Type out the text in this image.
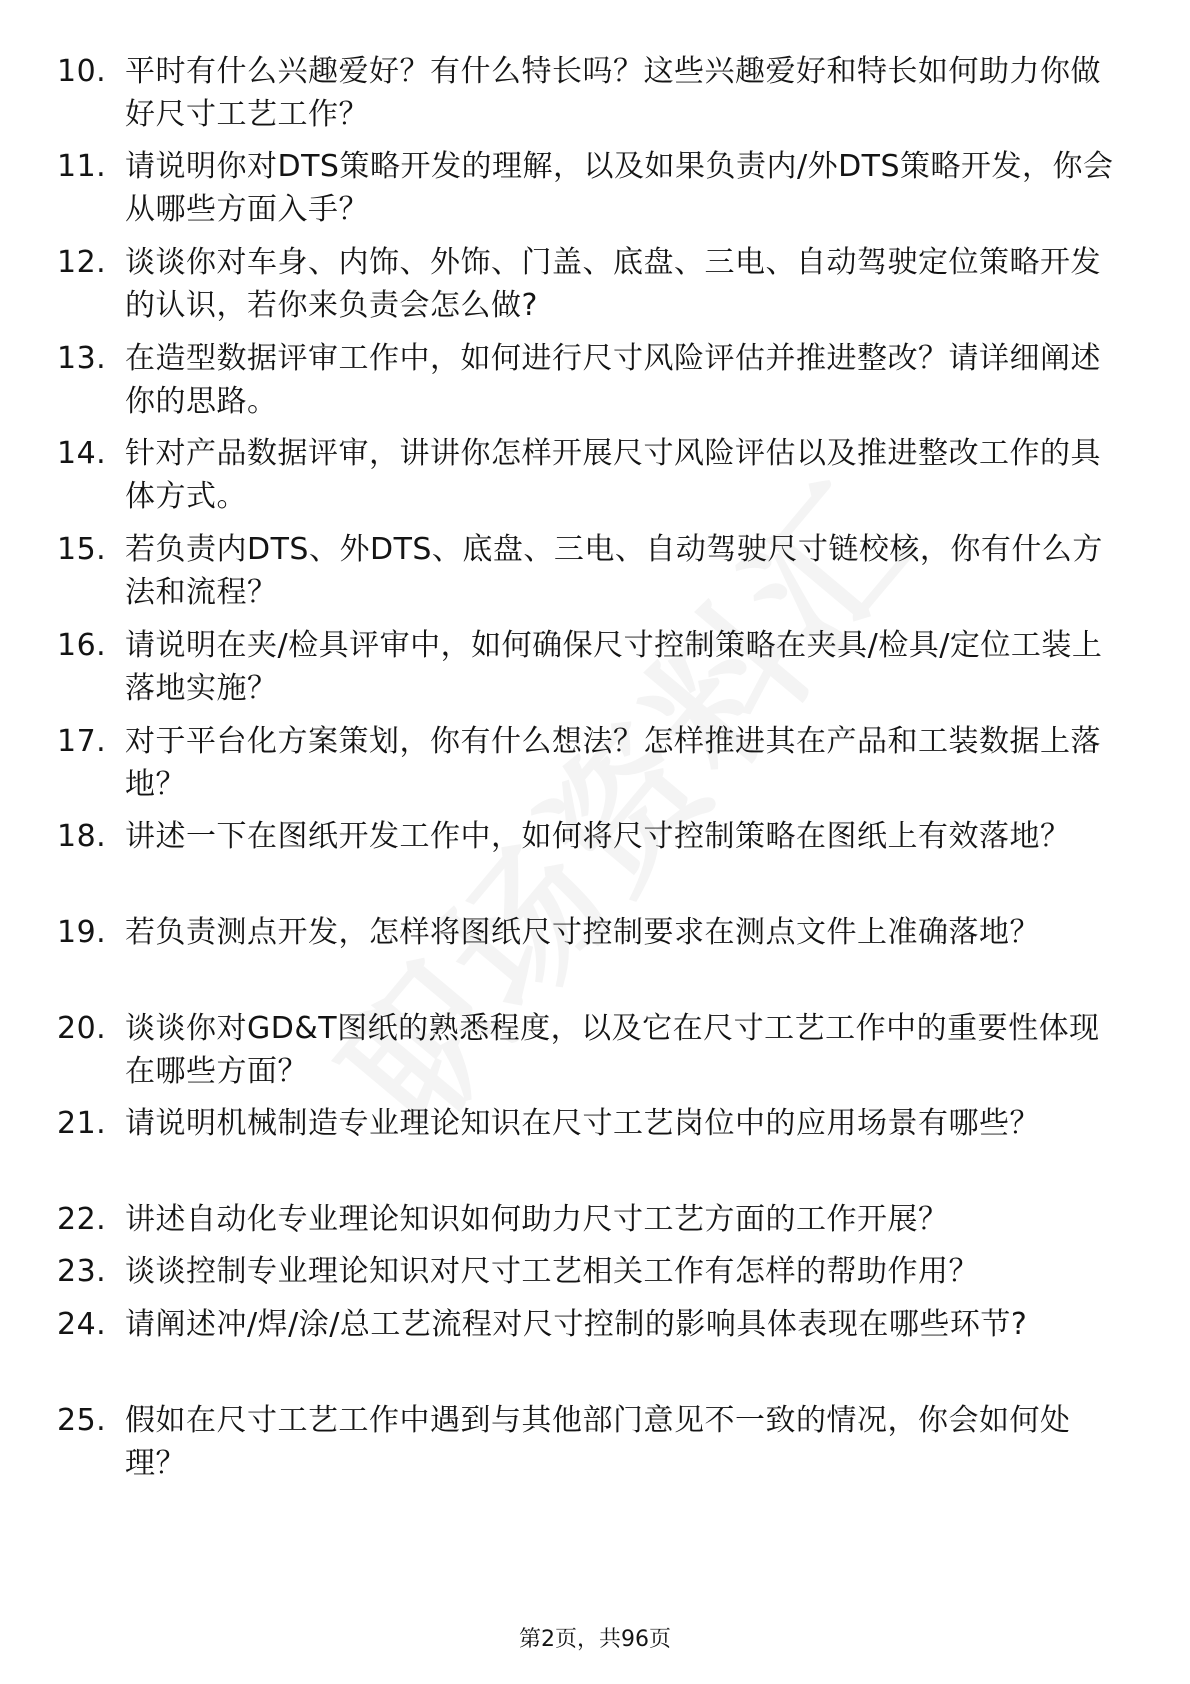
10. 平时有什么兴趣爱好？有什么特长吗？这些兴趣爱好和特长如何助力你做好尺寸工艺工作？
11. 请说明你对DTS策略开发的理解，以及如果负责内/外DTS策略开发，你会从哪些方面入手？
12. 谈谈你对车身、内饰、外饰、门盖、底盘、三电、自动驾驶定位策略开发的认识，若你来负责会怎么做?
13. 在造型数据评审工作中，如何进行尺寸风险评估并推进整改？请详细阐述你的思路。
14. 针对产品数据评审，讲讲你怎样开展尺寸风险评估以及推进整改工作的具体方式。
15. 若负责内DTS、外DTS、底盘、三电、自动驾驶尺寸链校核，你有什么方法和流程？
16. 请说明在夹/检具评审中，如何确保尺寸控制策略在夹具/检具/定位工装上落地实施？
17. 对于平台化方案策划，你有什么想法？怎样推进其在产品和工装数据上落地？
18. 讲述一下在图纸开发工作中，如何将尺寸控制策略在图纸上有效落地？
19. 若负责测点开发，怎样将图纸尺寸控制要求在测点文件上准确落地？
20. 谈谈你对GD&T图纸的熟悉程度，以及它在尺寸工艺工作中的重要性体现在哪些方面？
21. 请说明机械制造专业理论知识在尺寸工艺岗位中的应用场景有哪些？
22. 讲述自动化专业理论知识如何助力尺寸工艺方面的工作开展？
23. 谈谈控制专业理论知识对尺寸工艺相关工作有怎样的帮助作用？
24. 请阐述冲/焊/涂/总工艺流程对尺寸控制的影响具体表现在哪些环节?
25. 假如在尺寸工艺工作中遇到与其他部门意见不一致的情况，你会如何处理？
第2页，共96页
